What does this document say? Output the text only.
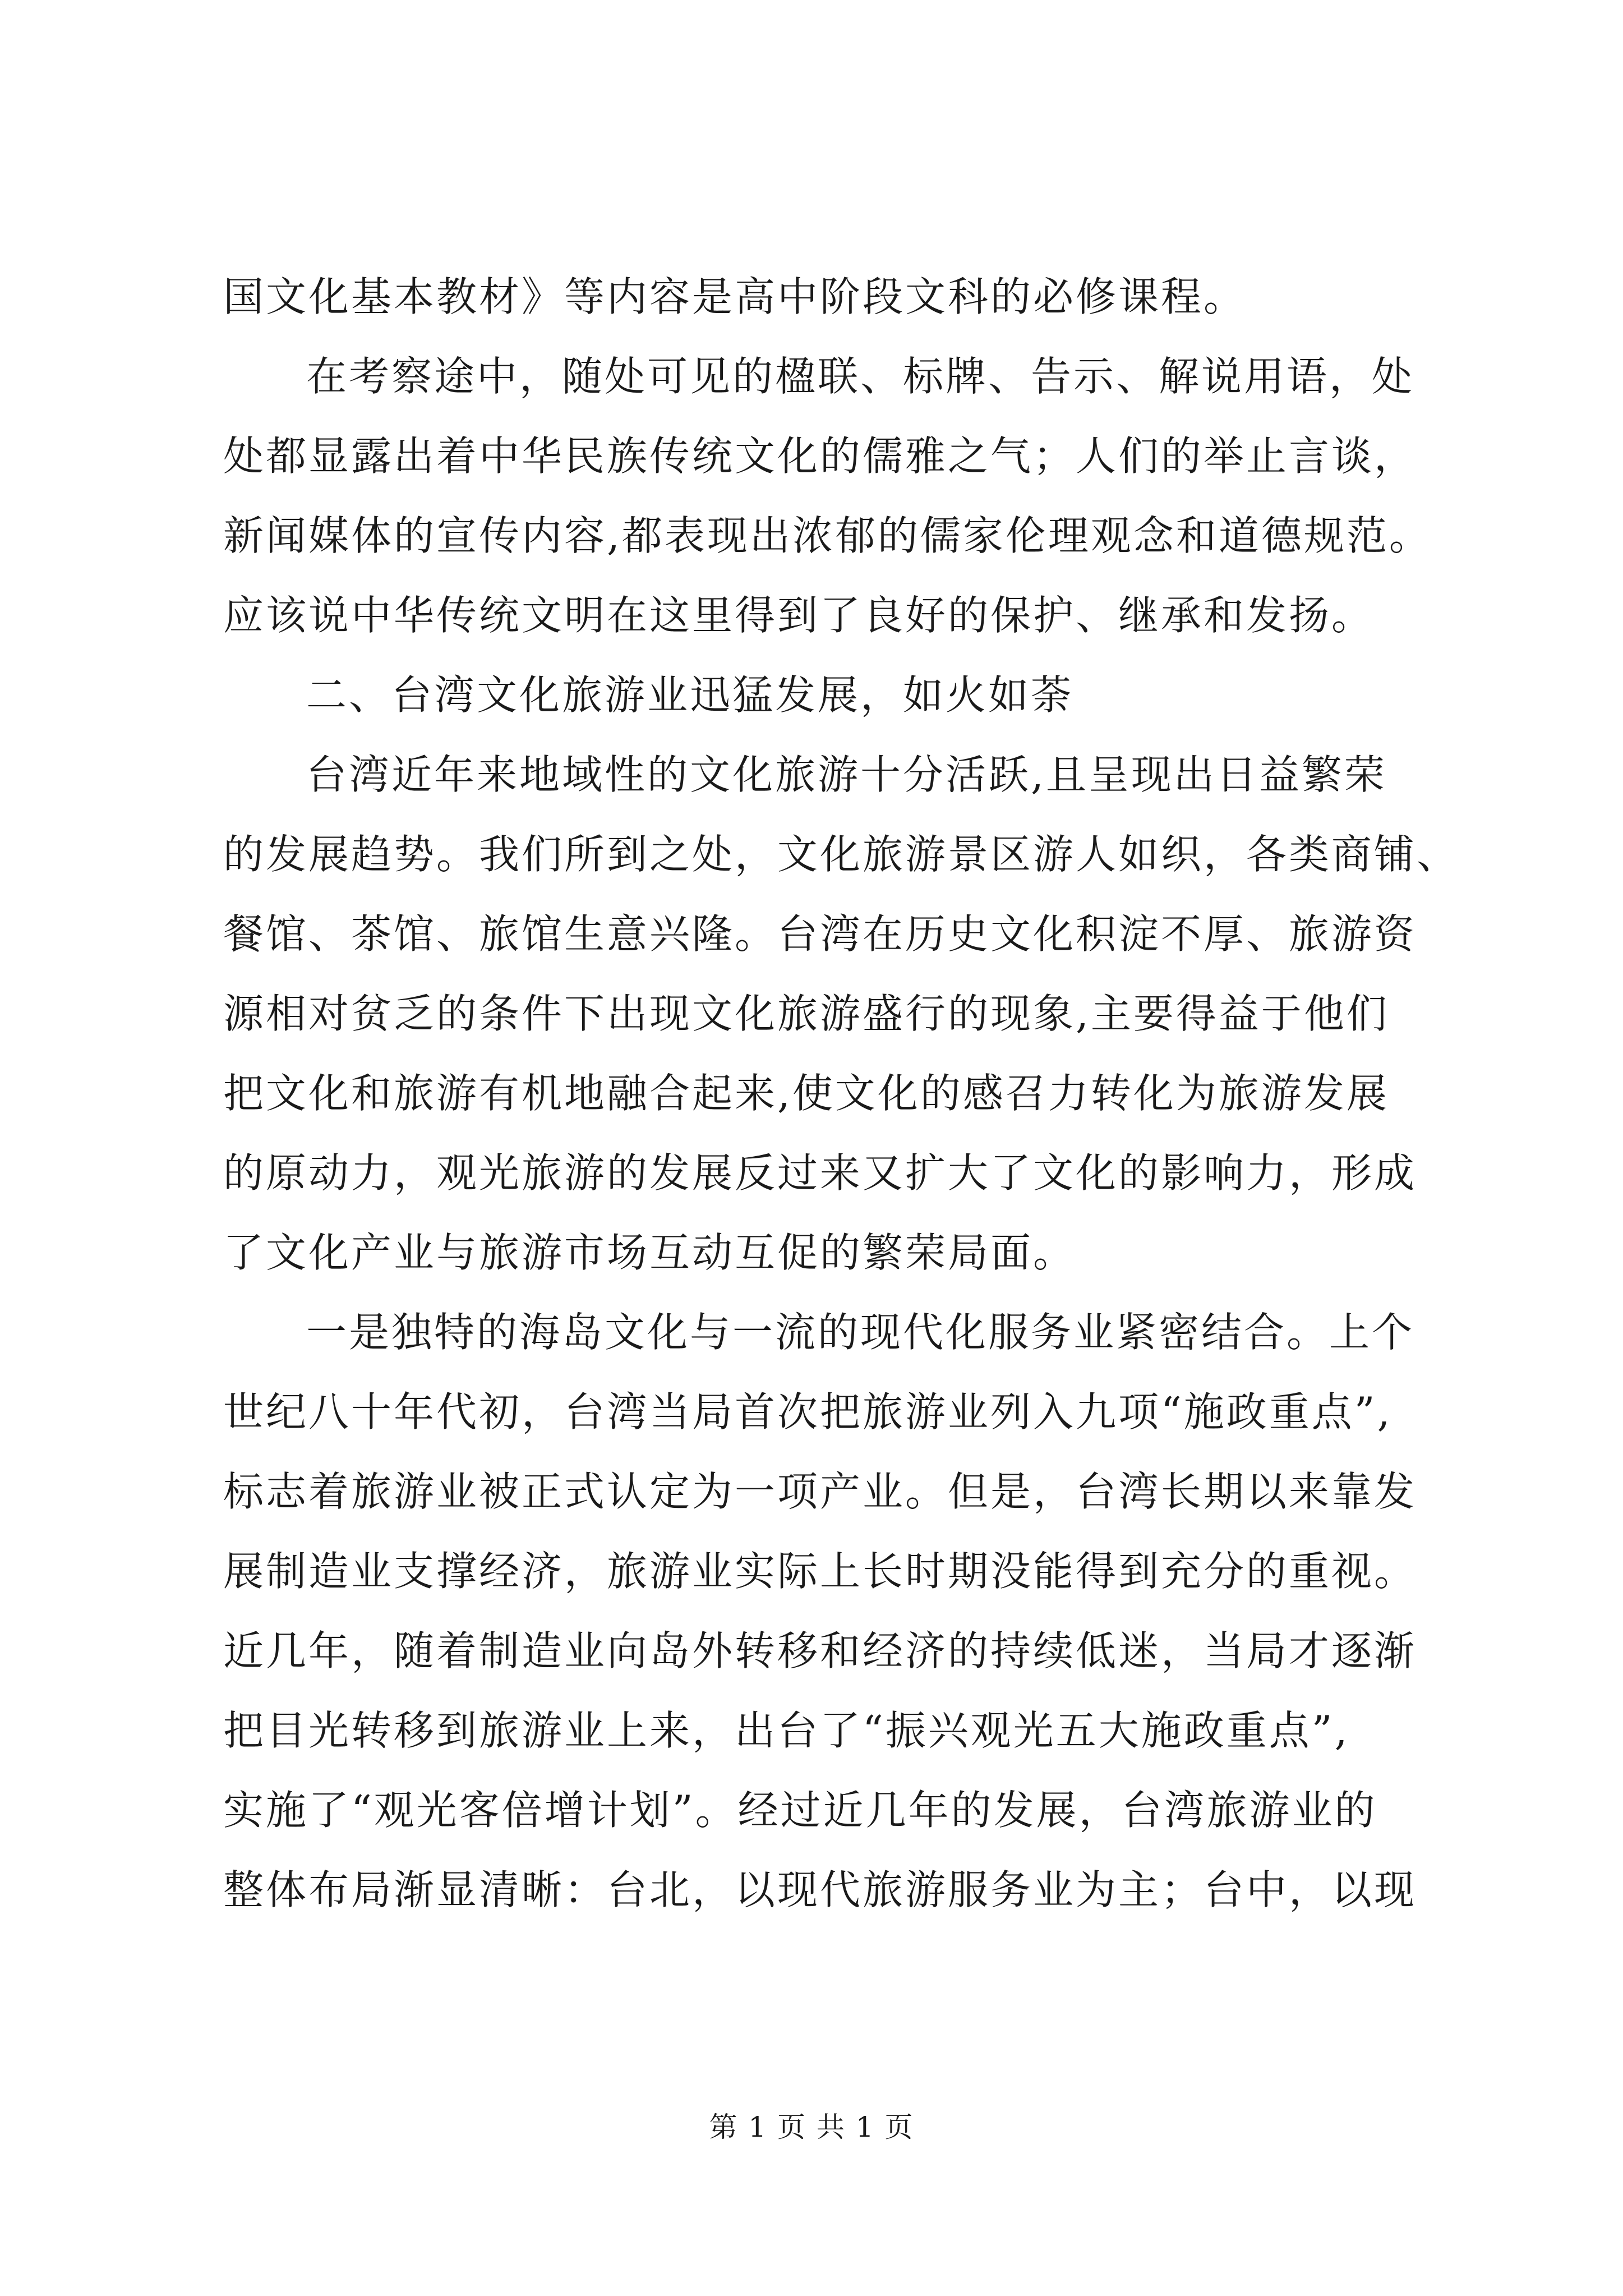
国文化基本教材》等内容是高中阶段文科的必修课程。
在考察途中，随处可见的楹联、标牌、告示、解说用语，处
处都显露出着中华民族传统文化的儒雅之气；人们的举止言谈，
新闻媒体的宣传内容,都表现出浓郁的儒家伦理观念和道德规范。
应该说中华传统文明在这里得到了良好的保护、继承和发扬。
二、台湾文化旅游业迅猛发展，如火如荼
台湾近年来地域性的文化旅游十分活跃,且呈现出日益繁荣
的发展趋势。我们所到之处，文化旅游景区游人如织，各类商铺、
餐馆、茶馆、旅馆生意兴隆。台湾在历史文化积淀不厚、旅游资
源相对贫乏的条件下出现文化旅游盛行的现象,主要得益于他们
把文化和旅游有机地融合起来,使文化的感召力转化为旅游发展
的原动力，观光旅游的发展反过来又扩大了文化的影响力，形成
了文化产业与旅游市场互动互促的繁荣局面。
一是独特的海岛文化与一流的现代化服务业紧密结合。上个
世纪八十年代初，台湾当局首次把旅游业列入九项“施政重点”,
标志着旅游业被正式认定为一项产业。但是，台湾长期以来靠发
展制造业支撑经济，旅游业实际上长时期没能得到充分的重视。
近几年，随着制造业向岛外转移和经济的持续低迷，当局才逐渐
把目光转移到旅游业上来，出台了“振兴观光五大施政重点”,
实施了“观光客倍增计划”。经过近几年的发展，台湾旅游业的
整体布局渐显清晰：台北，以现代旅游服务业为主；台中，以现
第 1 页 共 1 页
